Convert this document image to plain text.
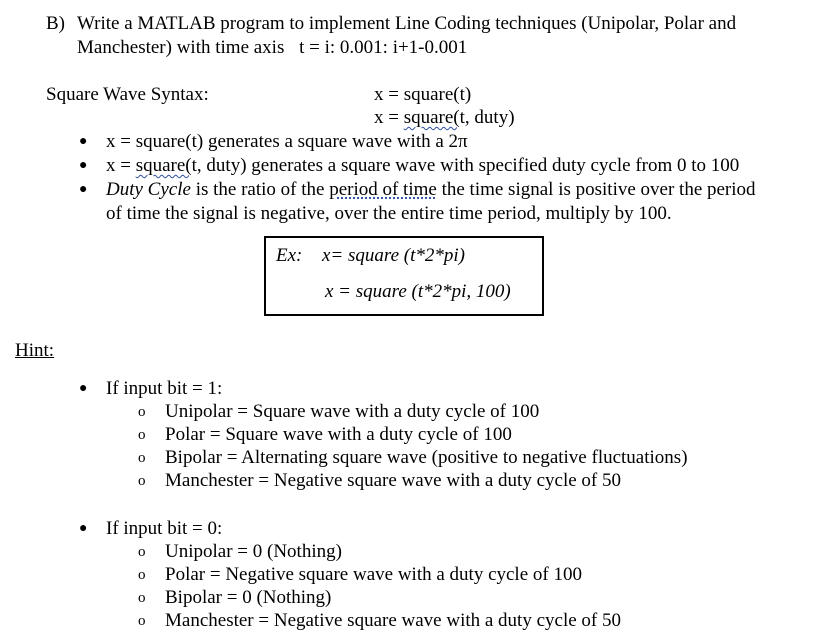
B) Write a MATLAB program to implement Line Coding techniques (Unipolar, Polar and
Manchester) with time axis t = i: 0.001: i+1-0.001
Square Wave Syntax:	x = square(t)
x = square(t, duty)
● x = square(t) generates a square wave with a 2π
● x = square(t, duty) generates a square wave with specified duty cycle from 0 to 100
● Duty Cycle is the ratio of the period of time the time signal is positive over the period
of time the signal is negative, over the entire time period, multiply by 100.
Ex: x= square (t*2*pi)
x = square (t*2*pi, 100)
Hint:
● If input bit = 1:
o Unipolar = Square wave with a duty cycle of 100
o Polar = Square wave with a duty cycle of 100
o Bipolar = Alternating square wave (positive to negative fluctuations)
o Manchester = Negative square wave with a duty cycle of 50
● If input bit = 0:
o Unipolar = 0 (Nothing)
o Polar = Negative square wave with a duty cycle of 100
o Bipolar = 0 (Nothing)
o Manchester = Negative square wave with a duty cycle of 50
